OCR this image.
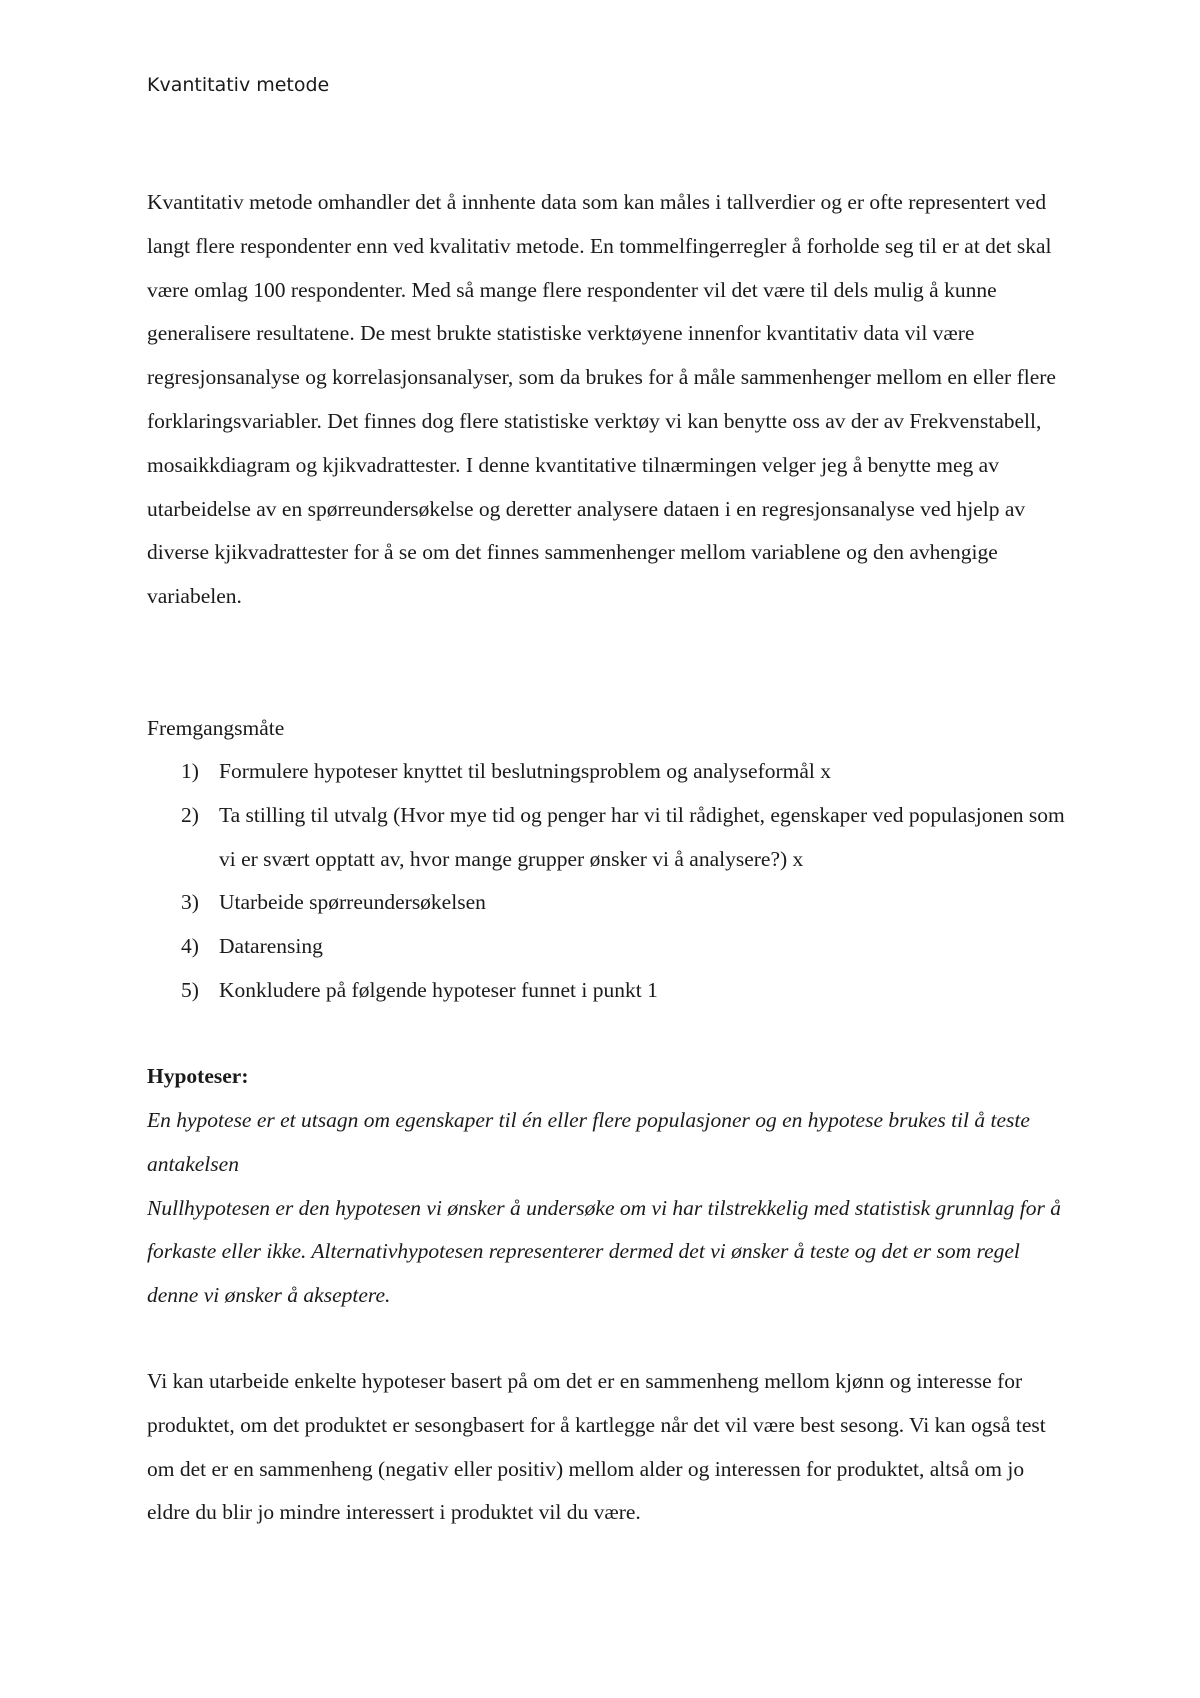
Kvantitativ metode

Kvantitativ metode omhandler det å innhente data som kan måles i tallverdier og er ofte representert ved langt flere respondenter enn ved kvalitativ metode. En tommelfingerregler å forholde seg til er at det skal være omlag 100 respondenter. Med så mange flere respondenter vil det være til dels mulig å kunne generalisere resultatene. De mest brukte statistiske verktøyene innenfor kvantitativ data vil være regresjonsanalyse og korrelasjonsanalyser, som da brukes for å måle sammenhenger mellom en eller flere forklaringsvariabler. Det finnes dog flere statistiske verktøy vi kan benytte oss av der av Frekvenstabell, mosaikkdiagram og kjikvadrattester. I denne kvantitative tilnærmingen velger jeg å benytte meg av utarbeidelse av en spørreundersøkelse og deretter analysere dataen i en regresjonsanalyse ved hjelp av diverse kjikvadrattester for å se om det finnes sammenhenger mellom variablene og den avhengige variabelen.

Fremgangsmåte

1) Formulere hypoteser knyttet til beslutningsproblem og analyseformål x
2) Ta stilling til utvalg (Hvor mye tid og penger har vi til rådighet, egenskaper ved populasjonen som vi er svært opptatt av, hvor mange grupper ønsker vi å analysere?) x
3) Utarbeide spørreundersøkelsen
4) Datarensing
5) Konkludere på følgende hypoteser funnet i punkt 1

Hypoteser:

En hypotese er et utsagn om egenskaper til én eller flere populasjoner og en hypotese brukes til å teste antakelsen
Nullhypotesen er den hypotesen vi ønsker å undersøke om vi har tilstrekkelig med statistisk grunnlag for å forkaste eller ikke. Alternativhypotesen representerer dermed det vi ønsker å teste og det er som regel denne vi ønsker å akseptere.

Vi kan utarbeide enkelte hypoteser basert på om det er en sammenheng mellom kjønn og interesse for produktet, om det produktet er sesongbasert for å kartlegge når det vil være best sesong. Vi kan også test om det er en sammenheng (negativ eller positiv) mellom alder og interessen for produktet, altså om jo eldre du blir jo mindre interessert i produktet vil du være.
